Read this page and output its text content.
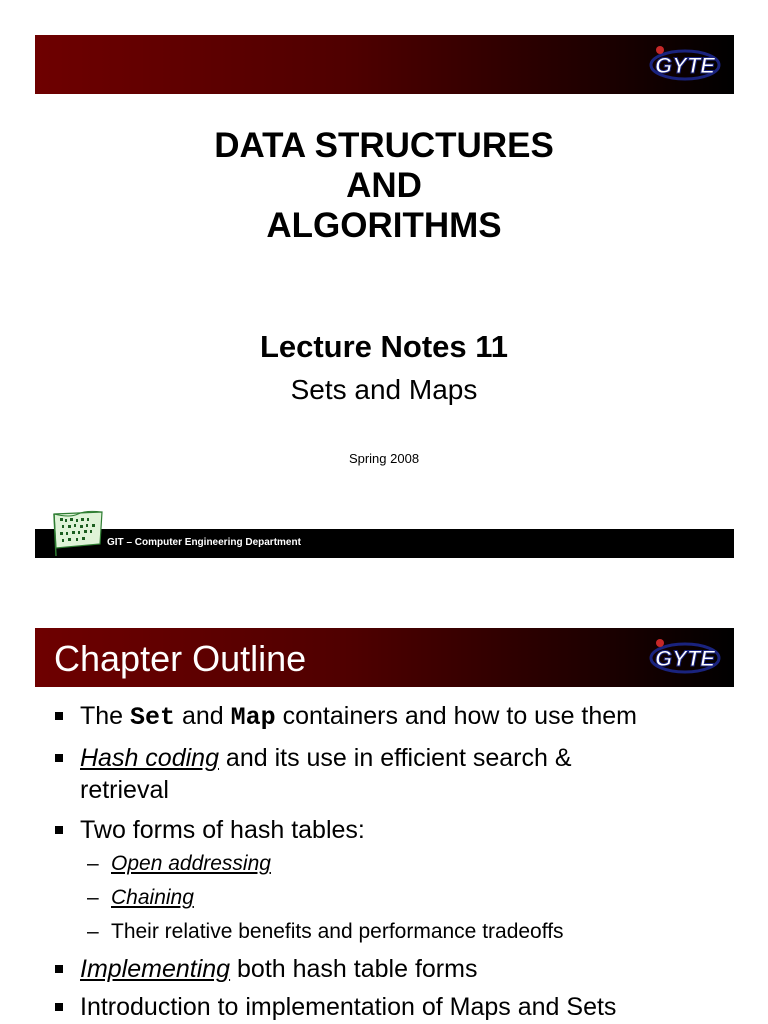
GYTE
DATA STRUCTURES
AND
ALGORITHMS
Lecture Notes 11
Sets and Maps
Spring 2008
GIT – Computer Engineering Department
Chapter Outline	GYTE
The Set and Map containers and how to use them
Hash coding and its use in efficient search & retrieval
Two forms of hash tables:
– Open addressing
– Chaining
– Their relative benefits and performance tradeoffs
Implementing both hash table forms
Introduction to implementation of Maps and Sets
